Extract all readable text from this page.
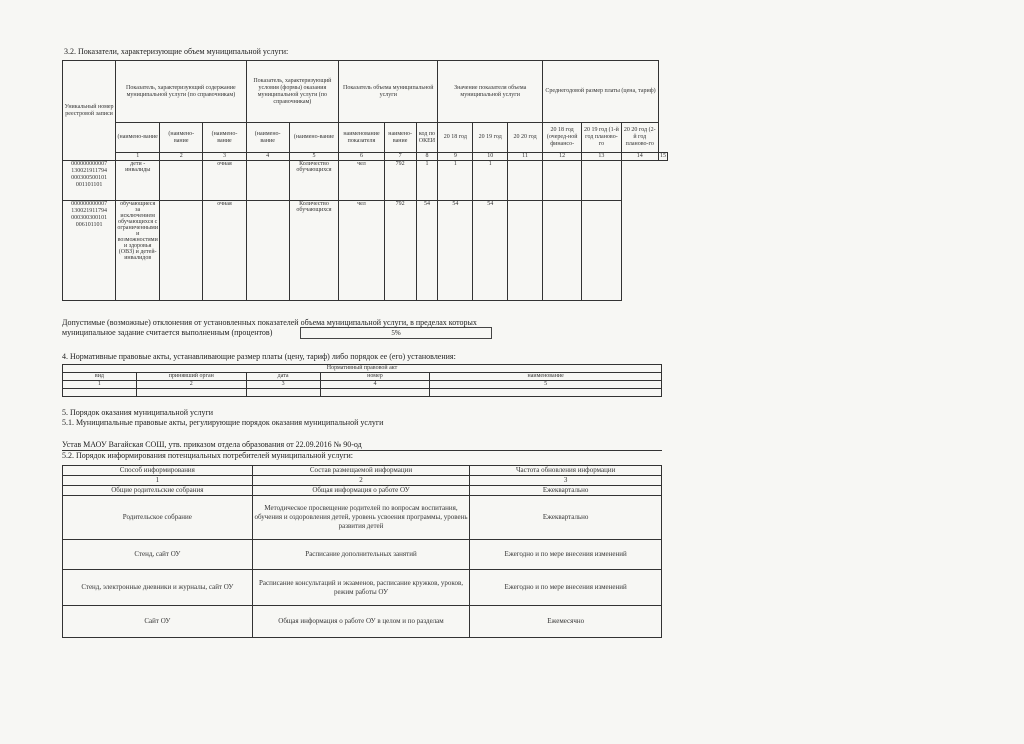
3.2. Показатели, характеризующие объем муниципальной услуги:
Уникальный номер реестровой записи	Показатель, характеризующий содержание муниципальной услуги (по справочникам)			Показатель, характеризующий условия (формы) оказания муниципальной услуги (по справочникам)		Показатель объема муниципальной услуги			Значение показателя объема муниципальной услуги			Среднегодовой размер платы (цена, тариф)			
	(наимено-вание	(наимено-вание	(наимено-вание	(наимено-вание	(наимено-вание	наименование показателя	наимено-вание	код по ОКЕИ	20 18 год	20 19 год	20 20 год	20 18 год (очеред-ной финансо-	20 19 год (1-й год планово-го	20 20 год (2-й год планово-го	
	1	2	3	4	5	6	7	8	9	10	11	12	13	14	15
000000000007 130021911794 000300500101 001101101	дети - инвалиды		очная		Количество обучающихся	чел	792	1	1	1					
000000000007 130021911794 000300300101 006101101	обучающиеся за исключением обучающихся с ограниченными и возможностями и здоровья (ОВЗ) и детей-инвалидов		очная		Количество обучающихся	чел	792	54	54	54					
Допустимые (возможные) отклонения от установленных показателей объема муниципальной услуги, в пределах которых
муниципальное задание считается выполненным (процентов)	5%
4. Нормативные правовые акты, устанавливающие размер платы (цену, тариф) либо порядок ее (его) установления:
Нормативный правовой акт				
вид	принявший орган	дата	номер	наименование
1	2	3	4	5

5. Порядок оказания муниципальной услуги
5.1. Муниципальные правовые акты, регулирующие порядок оказания муниципальной услуги
Устав МАОУ Вагайская СОШ, утв. приказом отдела образования от 22.09.2016 № 90-од
5.2. Порядок информирования потенциальных потребителей муниципальной услуги:
Способ информирования	Состав размещаемой информации	Частота обновления информации
1	2	3
Общие родительские собрания	Общая информация о работе ОУ	Ежеквартально
Родительское собрание	Методическое просвещение родителей по вопросам воспитания, обучения и оздоровления детей, уровень усвоения программы, уровень развития детей	Ежеквартально
Стенд, сайт ОУ	Расписание дополнительных занятий	Ежегодно и по мере внесения изменений
Стенд, электронные дневники и журналы, сайт ОУ	Расписание консультаций и экзаменов, расписание кружков, уроков, режим работы ОУ	Ежегодно и по мере внесения изменений
Сайт ОУ	Общая информация о работе ОУ в целом и по разделам	Ежемесячно
